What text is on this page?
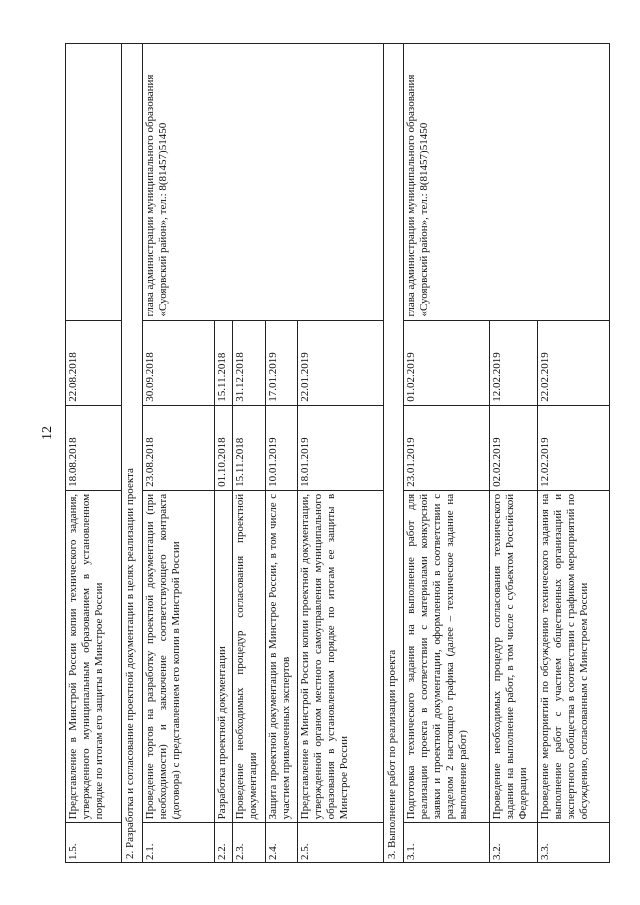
12
1.5.	Представление в Минстрой России копии технического задания, утвержденного муниципальным образованием в установленном порядке по итогам его защиты в Минстрое России	18.08.2018	22.08.2018	
2. Разработка и согласование проектной документации в целях реализации проекта				
2.1.	Проведение торгов на разработку проектной документации (при необходимости) и заключение соответствующего контракта (договора) с представлением его копии в Минстрой России	23.08.2018	30.09.2018	глава администрации муниципального образования «Суоярвский район», тел.: 8(81457)51450
2.2.	Разработка проектной документации	01.10.2018	15.11.2018	
2.3.	Проведение необходимых процедур согласования проектной документации	15.11.2018	31.12.2018	
2.4.	Защита проектной документации в Минстрое России, в том числе с участием привлеченных экспертов	10.01.2019	17.01.2019	
2.5.	Представление в Минстрой России копии проектной документации, утвержденной органом местного самоуправления муниципального образования в установленном порядке по итогам ее защиты в Минстрое России	18.01.2019	22.01.2019	
3. Выполнение работ по реализации проекта				
3.1.	Подготовка технического задания на выполнение работ для реализации проекта в соответствии с материалами конкурсной заявки и проектной документации, оформленной в соответствии с разделом 2 настоящего графика (далее – техническое задание на выполнение работ)	23.01.2019	01.02.2019	глава администрации муниципального образования «Суоярвский район», тел.: 8(81457)51450
3.2.	Проведение необходимых процедур согласования технического задания на выполнение работ, в том числе с субъектом Российской Федерации	02.02.2019	12.02.2019	
3.3.	Проведение мероприятий по обсуждению технического задания на выполнение работ с участием общественных организаций и экспертного сообщества в соответствии с графиком мероприятий по обсуждению, согласованным с Минстроем России	12.02.2019	22.02.2019	
